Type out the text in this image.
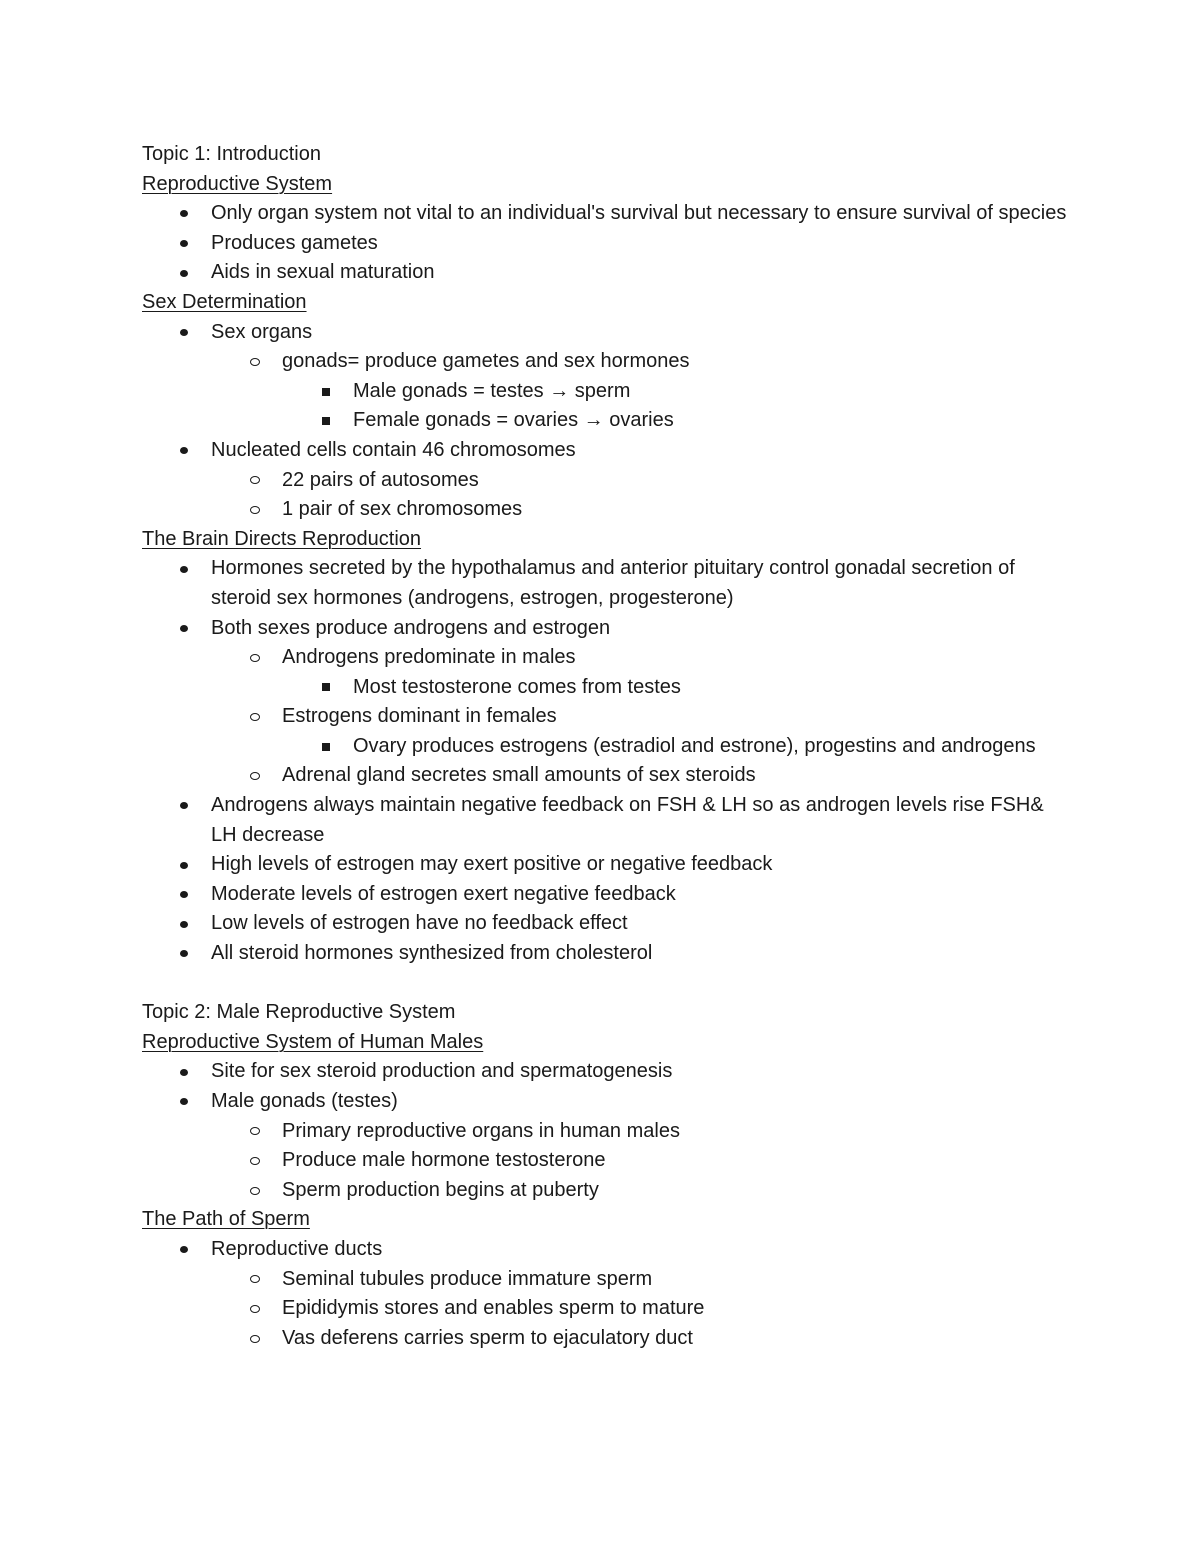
Topic 1: Introduction

Reproductive System

Only organ system not vital to an individual's survival but necessary to ensure survival of species
Produces gametes
Aids in sexual maturation

Sex Determination

Sex organs
gonads= produce gametes and sex hormones
Male gonads = testes → sperm
Female gonads = ovaries → ovaries
Nucleated cells contain 46 chromosomes
22 pairs of autosomes
1 pair of sex chromosomes

The Brain Directs Reproduction

Hormones secreted by the hypothalamus and anterior pituitary control gonadal secretion of steroid sex hormones (androgens, estrogen, progesterone)
Both sexes produce androgens and estrogen
Androgens predominate in males
Most testosterone comes from testes
Estrogens dominant in females
Ovary produces estrogens (estradiol and estrone), progestins and androgens
Adrenal gland secretes small amounts of sex steroids
Androgens always maintain negative feedback on FSH & LH so as androgen levels rise FSH& LH decrease
High levels of estrogen may exert positive or negative feedback
Moderate levels of estrogen exert negative feedback
Low levels of estrogen have no feedback effect
All steroid hormones synthesized from cholesterol

Topic 2: Male Reproductive System

Reproductive System of Human Males

Site for sex steroid production and spermatogenesis
Male gonads (testes)
Primary reproductive organs in human males
Produce male hormone testosterone
Sperm production begins at puberty

The Path of Sperm

Reproductive ducts
Seminal tubules produce immature sperm
Epididymis stores and enables sperm to mature
Vas deferens carries sperm to ejaculatory duct
